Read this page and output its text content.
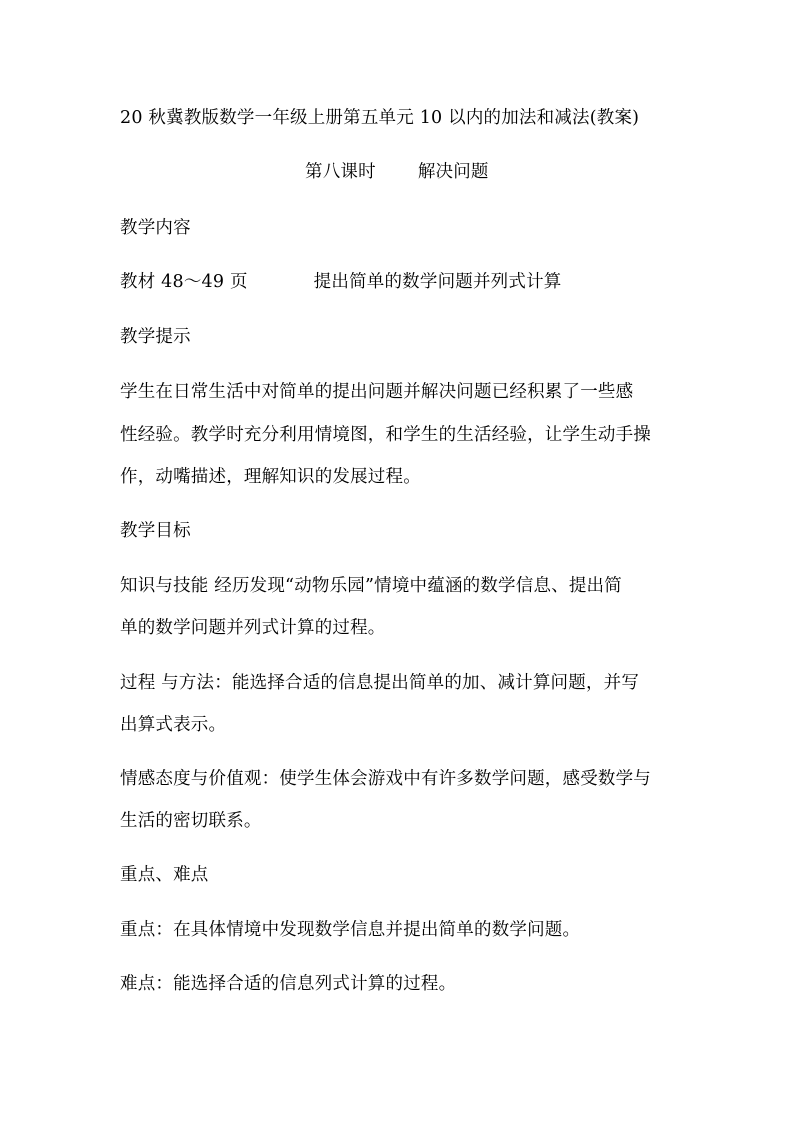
20 秋冀教版数学一年级上册第五单元 10 以内的加法和减法(教案)
第八课时 解决问题
教学内容
教材 48～49 页	提出简单的数学问题并列式计算
教学提示
学生在日常生活中对简单的提出问题并解决问题已经积累了一些感
性经验。教学时充分利用情境图，和学生的生活经验，让学生动手操
作，动嘴描述，理解知识的发展过程。
教学目标
知识与技能 经历发现“动物乐园”情境中蕴涵的数学信息、提出简
单的数学问题并列式计算的过程。
过程 与方法：能选择合适的信息提出简单的加、减计算问题，并写
出算式表示。
情感态度与价值观：使学生体会游戏中有许多数学问题，感受数学与
生活的密切联系。
重点、难点
重点：在具体情境中发现数学信息并提出简单的数学问题。
难点：能选择合适的信息列式计算的过程。
